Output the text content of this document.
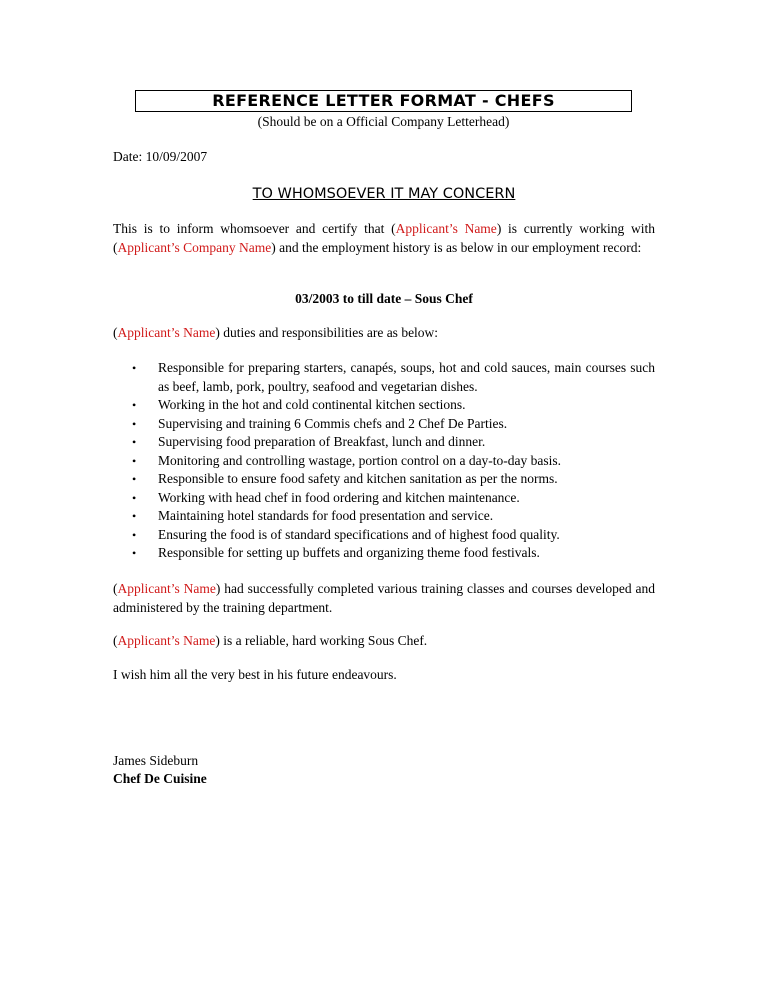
REFERENCE LETTER FORMAT - CHEFS
(Should be on a Official Company Letterhead)
Date: 10/09/2007
TO WHOMSOEVER IT MAY CONCERN
This is to inform whomsoever and certify that (Applicant’s Name) is currently working with (Applicant’s Company Name) and the employment history is as below in our employment record:
03/2003 to till date – Sous Chef
(Applicant’s Name) duties and responsibilities are as below:
• Responsible for preparing starters, canapés, soups, hot and cold sauces, main courses such as beef, lamb, pork, poultry, seafood and vegetarian dishes.
• Working in the hot and cold continental kitchen sections.
• Supervising and training 6 Commis chefs and 2 Chef De Parties.
• Supervising food preparation of Breakfast, lunch and dinner.
• Monitoring and controlling wastage, portion control on a day-to-day basis.
• Responsible to ensure food safety and kitchen sanitation as per the norms.
• Working with head chef in food ordering and kitchen maintenance.
• Maintaining hotel standards for food presentation and service.
• Ensuring the food is of standard specifications and of highest food quality.
• Responsible for setting up buffets and organizing theme food festivals.
(Applicant’s Name) had successfully completed various training classes and courses developed and administered by the training department.
(Applicant’s Name) is a reliable, hard working Sous Chef.
I wish him all the very best in his future endeavours.
James Sideburn
Chef De Cuisine
